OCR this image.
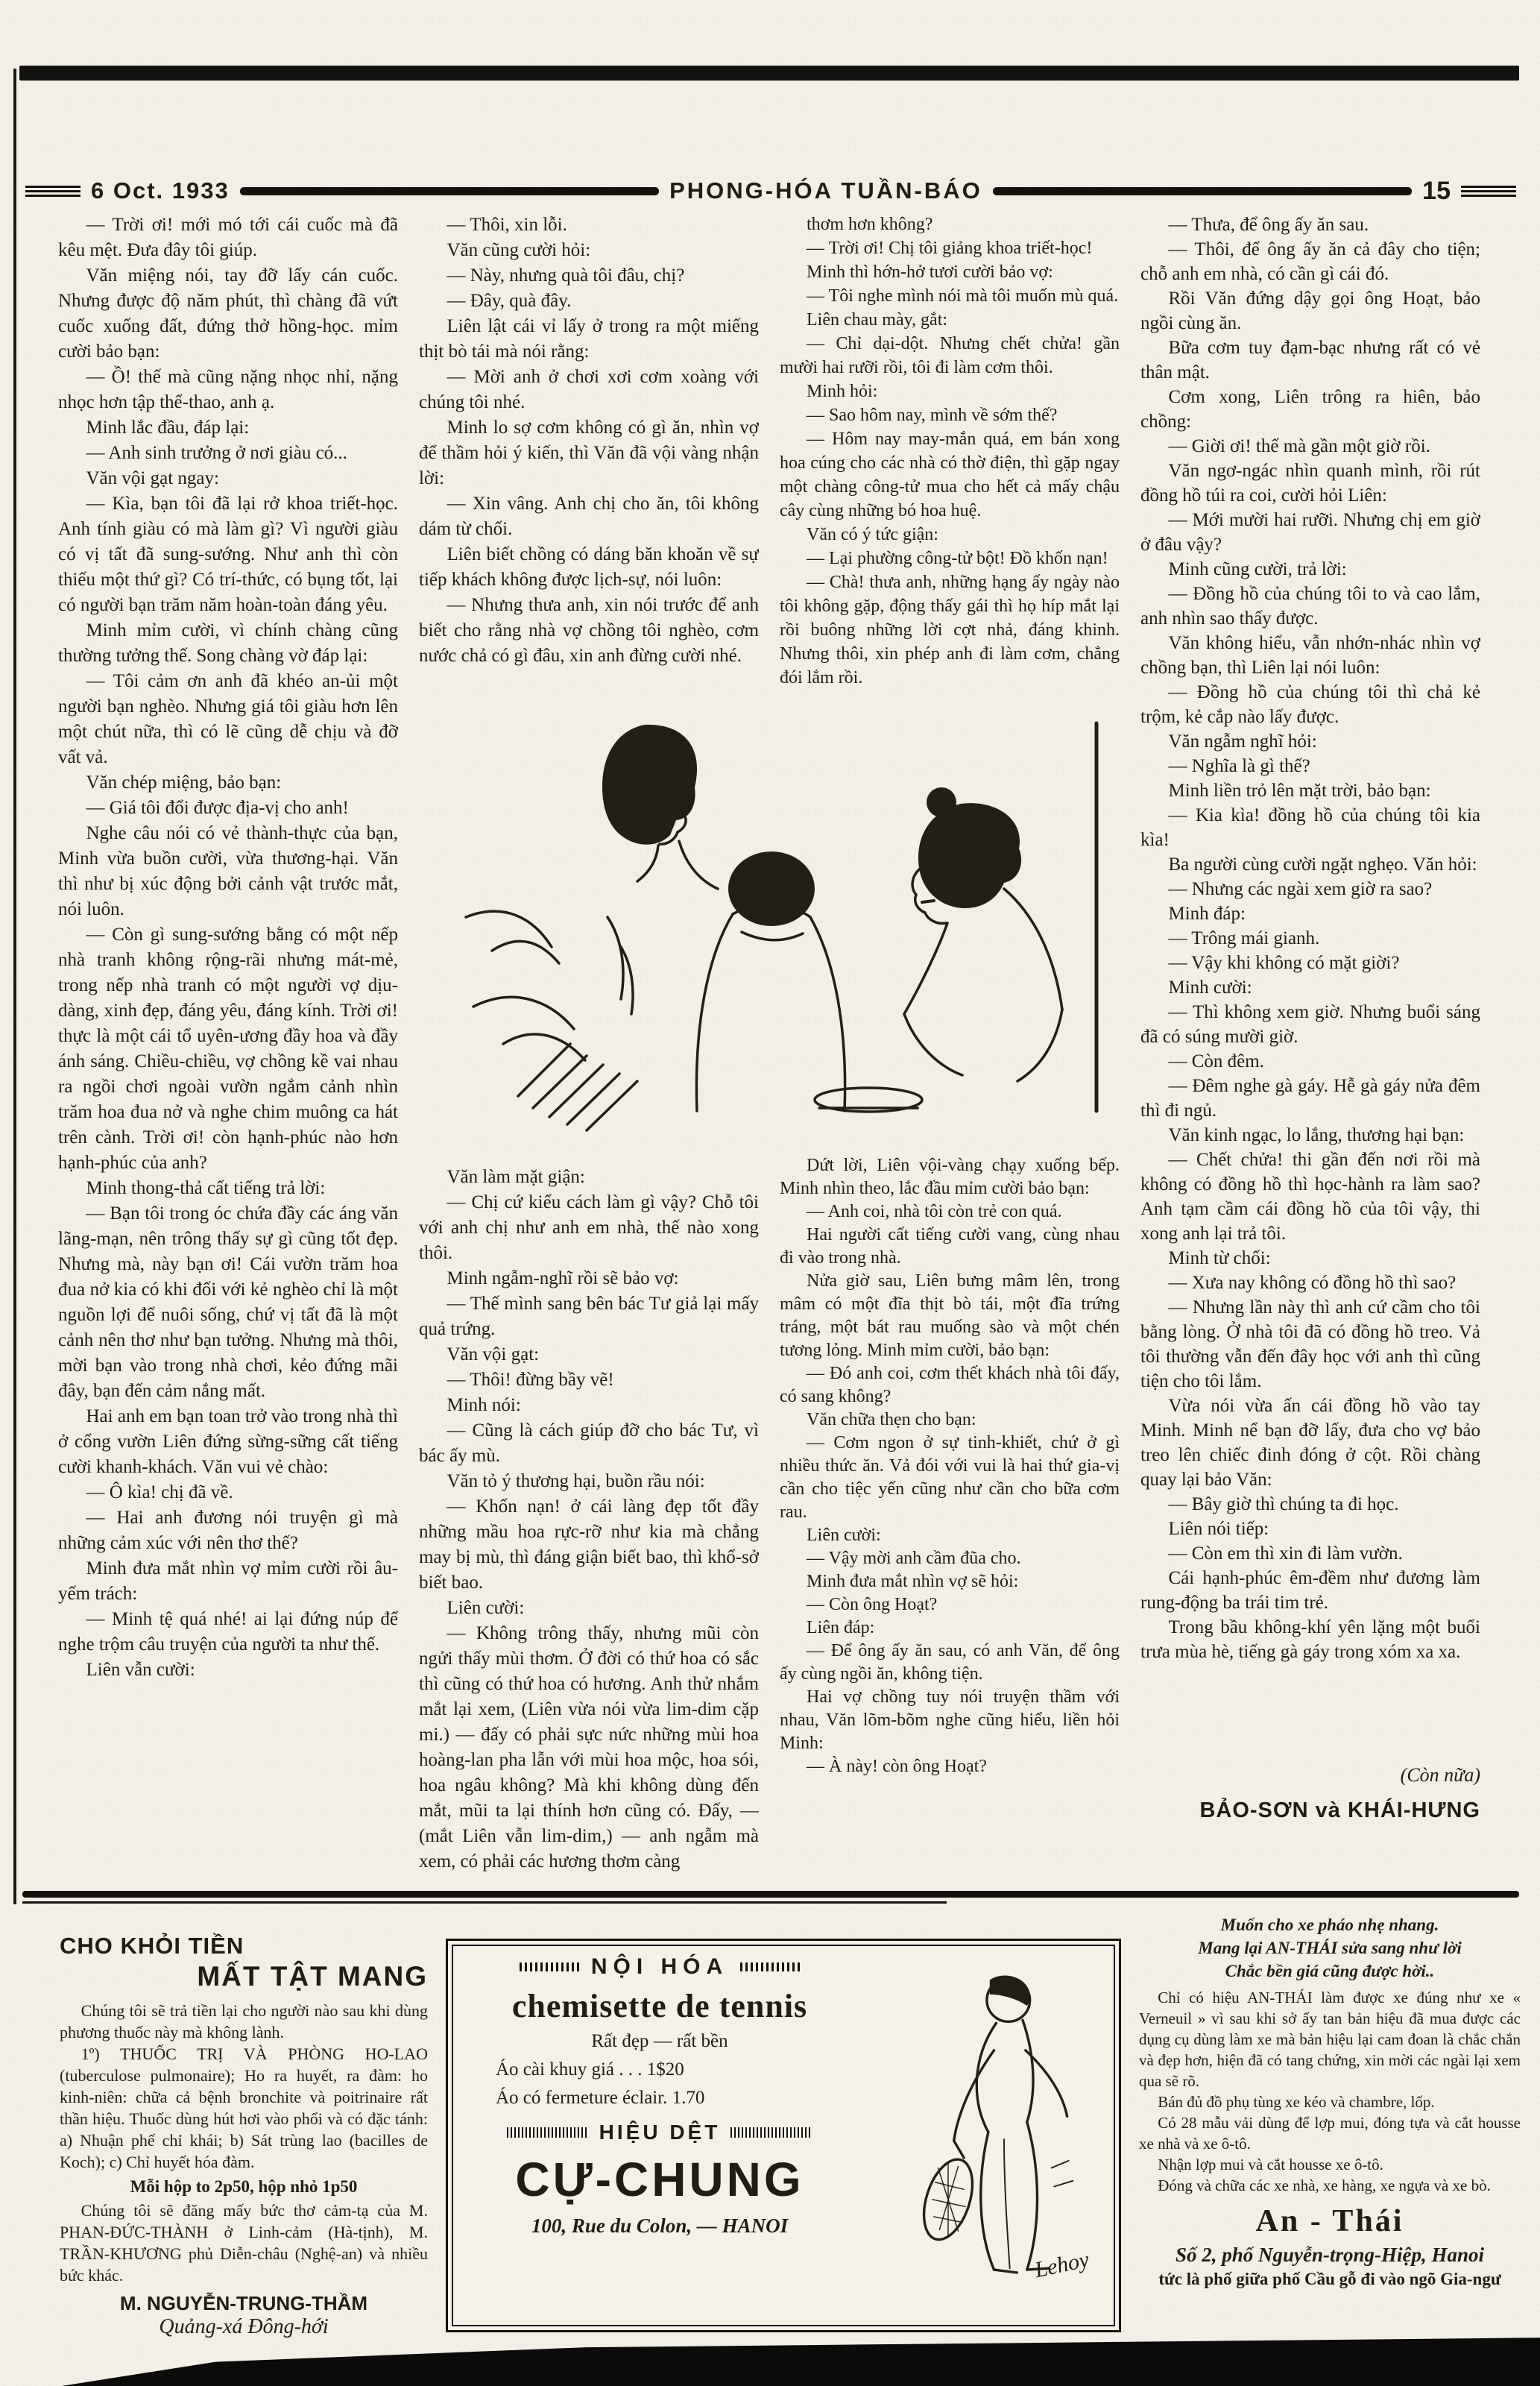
6 Oct. 1933	PHONG-HÓA TUẦN-BÁO	15

— Trời ơi! mới mó tới cái cuốc mà đã kêu mệt. Đưa đây tôi giúp.

Văn miệng nói, tay đỡ lấy cán cuốc. Nhưng được độ năm phút, thì chàng đã vứt cuốc xuống đất, đứng thở hồng-học. mỉm cười bảo bạn:

— Ồ! thế mà cũng nặng nhọc nhỉ, nặng nhọc hơn tập thể-thao, anh ạ.

Minh lắc đầu, đáp lại:

— Anh sinh trưởng ở nơi giàu có...

Văn vội gạt ngay:

— Kìa, bạn tôi đã lại rở khoa triết-học. Anh tính giàu có mà làm gì? Vì người giàu có vị tất đã sung-sướng. Như anh thì còn thiếu một thứ gì? Có trí-thức, có bụng tốt, lại có người bạn trăm năm hoàn-toàn đáng yêu.

Minh mỉm cười, vì chính chàng cũng thường tưởng thế. Song chàng vờ đáp lại:

— Tôi cảm ơn anh đã khéo an-ủi một người bạn nghèo. Nhưng giá tôi giàu hơn lên một chút nữa, thì có lẽ cũng dễ chịu và đỡ vất vả.

Văn chép miệng, bảo bạn:

— Giá tôi đổi được địa-vị cho anh!

Nghe câu nói có vẻ thành-thực của bạn, Minh vừa buồn cười, vừa thương-hại. Văn thì như bị xúc động bởi cảnh vật trước mắt, nói luôn.

— Còn gì sung-sướng bằng có một nếp nhà tranh không rộng-rãi nhưng mát-mẻ, trong nếp nhà tranh có một người vợ dịu-dàng, xinh đẹp, đáng yêu, đáng kính. Trời ơi! thực là một cái tổ uyên-ương đầy hoa và đầy ánh sáng. Chiều-chiều, vợ chồng kề vai nhau ra ngồi chơi ngoài vườn ngắm cảnh nhìn trăm hoa đua nở và nghe chim muông ca hát trên cành. Trời ơi! còn hạnh-phúc nào hơn hạnh-phúc của anh?

Minh thong-thả cất tiếng trả lời:

— Bạn tôi trong óc chứa đầy các áng văn lãng-mạn, nên trông thấy sự gì cũng tốt đẹp. Nhưng mà, này bạn ơi! Cái vườn trăm hoa đua nở kia có khi đối với kẻ nghèo chỉ là một nguồn lợi để nuôi sống, chứ vị tất đã là một cảnh nên thơ như bạn tưởng. Nhưng mà thôi, mời bạn vào trong nhà chơi, kẻo đứng mãi đây, bạn đến cảm nắng mất.

Hai anh em bạn toan trở vào trong nhà thì ở cổng vườn Liên đứng sừng-sững cất tiếng cười khanh-khách. Văn vui vẻ chào:

— Ô kìa! chị đã về.

— Hai anh đương nói truyện gì mà những cảm xúc với nên thơ thế?

Minh đưa mắt nhìn vợ mỉm cười rồi âu-yếm trách:

— Minh tệ quá nhé! ai lại đứng núp để nghe trộm câu truyện của người ta như thế.

Liên vẫn cười:

— Thôi, xin lỗi.

Văn cũng cười hỏi:

— Này, nhưng quà tôi đâu, chị?

— Đây, quà đây.

Liên lật cái vỉ lấy ở trong ra một miếng thịt bò tái mà nói rằng:

— Mời anh ở chơi xơi cơm xoàng với chúng tôi nhé.

Minh lo sợ cơm không có gì ăn, nhìn vợ để thầm hỏi ý kiến, thì Văn đã vội vàng nhận lời:

— Xin vâng. Anh chị cho ăn, tôi không dám từ chối.

Liên biết chồng có dáng băn khoăn về sự tiếp khách không được lịch-sự, nói luôn:

— Nhưng thưa anh, xin nói trước để anh biết cho rằng nhà vợ chồng tôi nghèo, cơm nước chả có gì đâu, xin anh đừng cười nhé.

Văn làm mặt giận:

— Chị cứ kiểu cách làm gì vậy? Chỗ tôi với anh chị như anh em nhà, thế nào xong thôi.

Minh ngẫm-nghĩ rồi sẽ bảo vợ:

— Thế mình sang bên bác Tư giả lại mấy quả trứng.

Văn vội gạt:

— Thôi! đừng bầy vẽ!

Minh nói:

— Cũng là cách giúp đỡ cho bác Tư, vì bác ấy mù.

Văn tỏ ý thương hại, buồn rầu nói:

— Khốn nạn! ở cái làng đẹp tốt đầy những mầu hoa rực-rỡ như kia mà chẳng may bị mù, thì đáng giận biết bao, thì khổ-sở biết bao.

Liên cười:

— Không trông thấy, nhưng mũi còn ngửi thấy mùi thơm. Ở đời có thứ hoa có sắc thì cũng có thứ hoa có hương. Anh thử nhắm mắt lại xem, (Liên vừa nói vừa lim-dim cặp mi.) — đấy có phải sực nức những mùi hoa hoàng-lan pha lẫn với mùi hoa mộc, hoa sói, hoa ngâu không? Mà khi không dùng đến mắt, mũi ta lại thính hơn cũng có. Đấy, — (mắt Liên vẫn lim-dim,) — anh ngẫm mà xem, có phải các hương thơm càng

thơm hơn không?

— Trời ơi! Chị tôi giảng khoa triết-học!

Minh thì hớn-hở tươi cười bảo vợ:

— Tôi nghe mình nói mà tôi muốn mù quá.

Liên chau mày, gắt:

— Chỉ dại-dột. Nhưng chết chửa! gần mười hai rưỡi rồi, tôi đi làm cơm thôi.

Minh hỏi:

— Sao hôm nay, mình về sớm thế?

— Hôm nay may-mắn quá, em bán xong hoa cúng cho các nhà có thờ điện, thì gặp ngay một chàng công-tử mua cho hết cả mấy chậu cây cùng những bó hoa huệ.

Văn có ý tức giận:

— Lại phường công-tử bột! Đồ khốn nạn!

— Chà! thưa anh, những hạng ấy ngày nào tôi không gặp, động thấy gái thì họ híp mắt lại rồi buông những lời cợt nhả, đáng khinh. Nhưng thôi, xin phép anh đi làm cơm, chẳng đói lắm rồi.

Dứt lời, Liên vội-vàng chạy xuống bếp. Minh nhìn theo, lắc đầu mỉm cười bảo bạn:

— Anh coi, nhà tôi còn trẻ con quá.

Hai người cất tiếng cười vang, cùng nhau đi vào trong nhà.

Nửa giờ sau, Liên bưng mâm lên, trong mâm có một đĩa thịt bò tái, một đĩa trứng tráng, một bát rau muống sào và một chén tương lỏng. Minh mỉm cười, bảo bạn:

— Đó anh coi, cơm thết khách nhà tôi đấy, có sang không?

Văn chữa thẹn cho bạn:

— Cơm ngon ở sự tinh-khiết, chứ ở gì nhiều thức ăn. Vả đói với vui là hai thứ gia-vị cần cho tiệc yến cũng như cần cho bữa cơm rau.

Liên cười:

— Vậy mời anh cầm đũa cho.

Minh đưa mắt nhìn vợ sẽ hỏi:

— Còn ông Hoạt?

Liên đáp:

— Để ông ấy ăn sau, có anh Văn, để ông ấy cùng ngồi ăn, không tiện.

Hai vợ chồng tuy nói truyện thầm với nhau, Văn lõm-bõm nghe cũng hiểu, liền hỏi Minh:

— À này! còn ông Hoạt?

— Thưa, để ông ấy ăn sau.

— Thôi, để ông ấy ăn cả đây cho tiện; chỗ anh em nhà, có cần gì cái đó.

Rồi Văn đứng dậy gọi ông Hoạt, bảo ngồi cùng ăn.

Bữa cơm tuy đạm-bạc nhưng rất có vẻ thân mật.

Cơm xong, Liên trông ra hiên, bảo chồng:

— Giời ơi! thế mà gần một giờ rồi.

Văn ngơ-ngác nhìn quanh mình, rồi rút đồng hồ túi ra coi, cười hỏi Liên:

— Mới mười hai rưỡi. Nhưng chị em giờ ở đâu vậy?

Minh cũng cười, trả lời:

— Đồng hồ của chúng tôi to và cao lắm, anh nhìn sao thấy được.

Văn không hiểu, vẫn nhớn-nhác nhìn vợ chồng bạn, thì Liên lại nói luôn:

— Đồng hồ của chúng tôi thì chả kẻ trộm, kẻ cắp nào lấy được.

Văn ngẫm nghĩ hỏi:

— Nghĩa là gì thế?

Minh liền trỏ lên mặt trời, bảo bạn:

— Kia kìa! đồng hồ của chúng tôi kia kìa!

Ba người cùng cười ngặt nghẹo. Văn hỏi:

— Nhưng các ngài xem giờ ra sao?

Minh đáp:

— Trông mái gianh.

— Vậy khi không có mặt giời?

Minh cười:

— Thì không xem giờ. Nhưng buổi sáng đã có súng mười giờ.

— Còn đêm.

— Đêm nghe gà gáy. Hễ gà gáy nửa đêm thì đi ngủ.

Văn kinh ngạc, lo lắng, thương hại bạn:

— Chết chửa! thi gần đến nơi rồi mà không có đồng hồ thì học-hành ra làm sao? Anh tạm cầm cái đồng hồ của tôi vậy, thi xong anh lại trả tôi.

Minh từ chối:

— Xưa nay không có đồng hồ thì sao?

— Nhưng lần này thì anh cứ cầm cho tôi bằng lòng. Ở nhà tôi đã có đồng hồ treo. Vả tôi thường vẫn đến đây học với anh thì cũng tiện cho tôi lắm.

Vừa nói vừa ấn cái đồng hồ vào tay Minh. Minh nể bạn đỡ lấy, đưa cho vợ bảo treo lên chiếc đinh đóng ở cột. Rồi chàng quay lại bảo Văn:

— Bây giờ thì chúng ta đi học.

Liên nói tiếp:

— Còn em thì xin đi làm vườn.

Cái hạnh-phúc êm-đềm như đương làm rung-động ba trái tim trẻ.

Trong bầu không-khí yên lặng một buổi trưa mùa hè, tiếng gà gáy trong xóm xa xa.

(Còn nữa)
BẢO-SƠN và KHÁI-HƯNG
CHO KHỎI TIỀN
MẤT TẬT MANG

Chúng tôi sẽ trả tiền lại cho người nào sau khi dùng phương thuốc này mà không lành.

1º) THUỐC TRỊ VÀ PHÒNG HO-LAO (tuberculose pulmonaire); Ho ra huyết, ra đàm: ho kinh-niên: chữa cả bệnh bronchite và poitrinaire rất thần hiệu. Thuốc dùng hút hơi vào phổi và có đặc tánh: a) Nhuận phế chỉ khái; b) Sát trùng lao (bacilles de Koch); c) Chỉ huyết hóa đàm.

Mỗi hộp to 2p50, hộp nhỏ 1p50

Chúng tôi sẽ đăng mấy bức thơ cảm-tạ của M. PHAN-ĐỨC-THÀNH ở Linh-cảm (Hà-tịnh), M. TRẦN-KHƯƠNG phủ Diễn-châu (Nghệ-an) và nhiều bức khác.

M. NGUYỄN-TRUNG-THẦM
Quảng-xá Đông-hới
NỘI HÓA
chemisette de tennis
Rất đẹp — rất bền
Áo cài khuy giá . . . 1$20
Áo có fermeture éclair. 1.70
HIỆU DỆT
CỰ-CHUNG
100, Rue du Colon, — HANOI
Lehoy
Muốn cho xe pháo nhẹ nhang.
Mang lại AN-THÁI sửa sang như lời
Chắc bền giá cũng được hời..

Chỉ có hiệu AN-THÁI làm được xe đúng như xe « Verneuil » vì sau khi sở ấy tan bản hiệu đã mua được các dụng cụ dùng làm xe mà bản hiệu lại cam đoan là chắc chắn và đẹp hơn, hiện đã có tang chứng, xin mời các ngài lại xem qua sẽ rõ.

Bán đủ đồ phụ tùng xe kéo và chambre, lốp.

Có 28 mẫu vải dùng để lợp mui, đóng tựa và cắt housse xe nhà và xe ô-tô.

Nhận lợp mui và cắt housse xe ô-tô.

Đóng và chữa các xe nhà, xe hàng, xe ngựa và xe bò.

An - Thái
Số 2, phố Nguyễn-trọng-Hiệp, Hanoi
tức là phố giữa phố Cầu gỗ đi vào ngõ Gia-ngư
